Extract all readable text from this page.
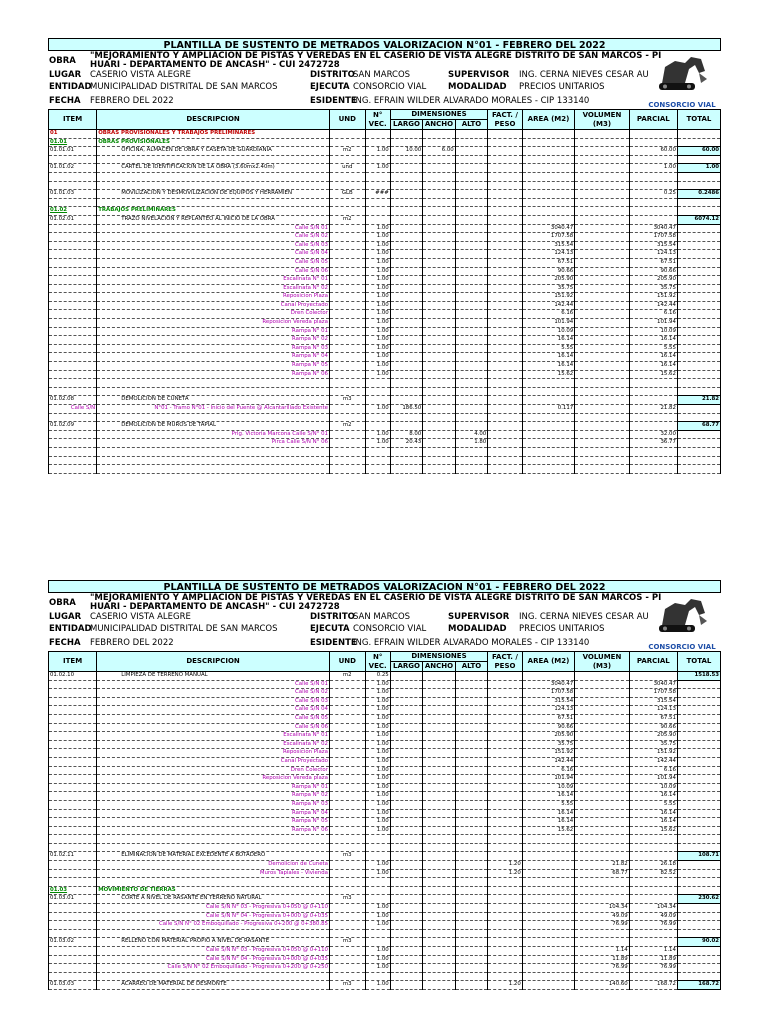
PLANTILLA DE SUSTENTO DE METRADOS VALORIZACION N°01 - FEBRERO DEL 2022
OBRA "MEJORAMIENTO Y AMPLIACION DE PISTAS Y VEREDAS EN EL CASERIO DE VISTA ALEGRE DISTRITO DE SAN MARCOS - PI
HUARI - DEPARTAMENTO DE ANCASH" - CUI 2472728
LUGAR CASERIO VISTA ALEGRE	DISTRITO
SAN MARCOS	SUPERVISOR ING. CERNA NIEVES CESAR AU
ENTIDAD
MUNICIPALIDAD DISTRITAL DE SAN MARCOS	EJECUTA CONSORCIO VIAL	MODALIDAD PRECIOS UNITARIOS
FECHA FEBRERO DEL 2022	ESIDENTE
ING. EFRAIN WILDER ALVARADO MORALES - CIP 133140	CONSORCIO VIAL
ITEM	DESCRIPCION	UND	N° VEC.	DIMENSIONES			FACT. / PESO	AREA (M2)	VOLUMEN (M3)	PARCIAL	TOTAL
				LARGO	ANCHO	ALTO					
01	OBRAS PROVISIONALES Y TRABAJOS PRELIMINARES										
01.01	OBRAS PROVISIONALES										
01.01.01	OFICINA, ALMACEN DE OBRA Y CASETA DE GUARDIANIA	m2	1.00	10.00	6.00					60.00	60.00

01.01.02	CARTEL DE IDENTIFICACION DE LA OBRA (3.60mx2.40m)	und	1.00							1.00	1.00

01.01.03	MOVILIZACION Y DESMOVILIZACION DE EQUIPOS Y HERRAMIEN	GLB	###							0.25	0.2486

01.02	TRABAJOS PRELIMINARES										
01.02.01	TRAZO NIVELACION Y REPLANTEO AL INICIO DE LA OBRA	m2									6074.12
	Calle S/N 01		1.00					3040.47		3040.47	
	Calle S/N 02		1.00					1707.58		1707.58	
	Calle S/N 03		1.00					315.54		315.54	
	Calle S/N 04		1.00					124.13		124.13	
	Calle S/N 05		1.00					67.51		67.51	
	Calle S/N 06		1.00					90.66		90.66	
	Escalinata N° 01		1.00					205.90		205.90	
	Escalinata N° 02		1.00					35.75		35.75	
	Reposicion Plaza		1.00					151.92		151.92	
	Canal Proyectado		1.00					142.44		142.44	
	Dren Colector		1.00					6.16		6.16	
	Reposicion Vereda plaza		1.00					101.94		101.94	
	Rampa N° 01		1.00					10.09		10.09	
	Rampa N° 02		1.00					16.14		16.14	
	Rampa N° 03		1.00					5.55		5.55	
	Rampa N° 04		1.00					16.14		16.14	
	Rampa N° 05		1.00					16.14		16.14	
	Rampa N° 06		1.00					15.62		15.62	

01.02.08	DEMOLICION DE CUNETA	m3									21.82
Calle S/N	N°01 - Tramo N°01 - Inicio del Puente @ Alcantarillado Existente		1.00	186.50				0.117		21.82	

01.02.09	DEMOLICION DE MUROS DE TAPIAL	m2									68.77
	Prlg. Victoria Marcona Calle S/N° 01		1.00	8.00		4.00				32.00	
	Pirca Calle S/N N° 06		1.00	20.43		1.80				36.77	

PLANTILLA DE SUSTENTO DE METRADOS VALORIZACION N°01 - FEBRERO DEL 2022
OBRA "MEJORAMIENTO Y AMPLIACION DE PISTAS Y VEREDAS EN EL CASERIO DE VISTA ALEGRE DISTRITO DE SAN MARCOS - PI
HUARI - DEPARTAMENTO DE ANCASH" - CUI 2472728
LUGAR CASERIO VISTA ALEGRE	DISTRITO
SAN MARCOS	SUPERVISOR ING. CERNA NIEVES CESAR AU
ENTIDAD
MUNICIPALIDAD DISTRITAL DE SAN MARCOS	EJECUTA CONSORCIO VIAL	MODALIDAD PRECIOS UNITARIOS
FECHA FEBRERO DEL 2022	ESIDENTE
ING. EFRAIN WILDER ALVARADO MORALES - CIP 133140	CONSORCIO VIAL
ITEM	DESCRIPCION	UND	N° VEC.	DIMENSIONES			FACT. / PESO	AREA (M2)	VOLUMEN (M3)	PARCIAL	TOTAL
				LARGO	ANCHO	ALTO					
01.02.10	LIMPIEZA DE TERRENO MANUAL	m2	0.25								1518.53
	Calle S/N 01		1.00					3040.47		3040.47	
	Calle S/N 02		1.00					1707.58		1707.58	
	Calle S/N 03		1.00					315.54		315.54	
	Calle S/N 04		1.00					124.13		124.13	
	Calle S/N 05		1.00					67.51		67.51	
	Calle S/N 06		1.00					90.66		90.66	
	Escalinata N° 01		1.00					205.90		205.90	
	Escalinata N° 02		1.00					35.75		35.75	
	Reposicion Plaza		1.00					151.92		151.92	
	Canal Proyectado		1.00					142.44		142.44	
	Dren Colector		1.00					6.16		6.16	
	Reposicion Vereda plaza		1.00					101.94		101.94	
	Rampa N° 01		1.00					10.09		10.09	
	Rampa N° 02		1.00					16.14		16.14	
	Rampa N° 03		1.00					5.55		5.55	
	Rampa N° 04		1.00					16.14		16.14	
	Rampa N° 05		1.00					16.14		16.14	
	Rampa N° 06		1.00					15.62		15.62	

01.02.11	ELIMINACION DE MATERIAL EXCEDENTE A BOTADERO	m3									108.71
	Demolicion de Cuneta		1.00				1.20		21.82	26.18	
	Muros Tapiales - Vivienda		1.00				1.20		68.77	82.52	

01.03	MOVIMIENTO DE TIERRAS										
01.03.01	CORTE A NIVEL DE RASANTE EN TERRENO NATURAL	m3									230.62
	Calle S/N N° 03 - Progresiva 0+050 @ 0+110		1.00						104.34	104.34	
	Calle S/N N° 04 - Progresiva 0+000 @ 0+035		1.00						49.09	49.09	
	Calle S/N N° 02 Emboquillado - Progresiva 0+200 @ 0+380.85		1.00						76.99	76.99	

01.03.02	RELLENO CON MATERIAL PROPIO A NIVEL DE RASANTE	m3									90.02
	Calle S/N N° 03 - Progresiva 0+050 @ 0+110		1.00						1.14	1.14	
	Calle S/N N° 04 - Progresiva 0+000 @ 0+035		1.00						11.89	11.89	
	Calle S/N N° 02 Emboquillado - Progresiva 0+200 @ 0+250		1.00						76.99	76.99	

01.03.03	ACARREO DE MATERIAL DE DESMONTE	m3	1.00				1.20		140.60	168.72	168.72
